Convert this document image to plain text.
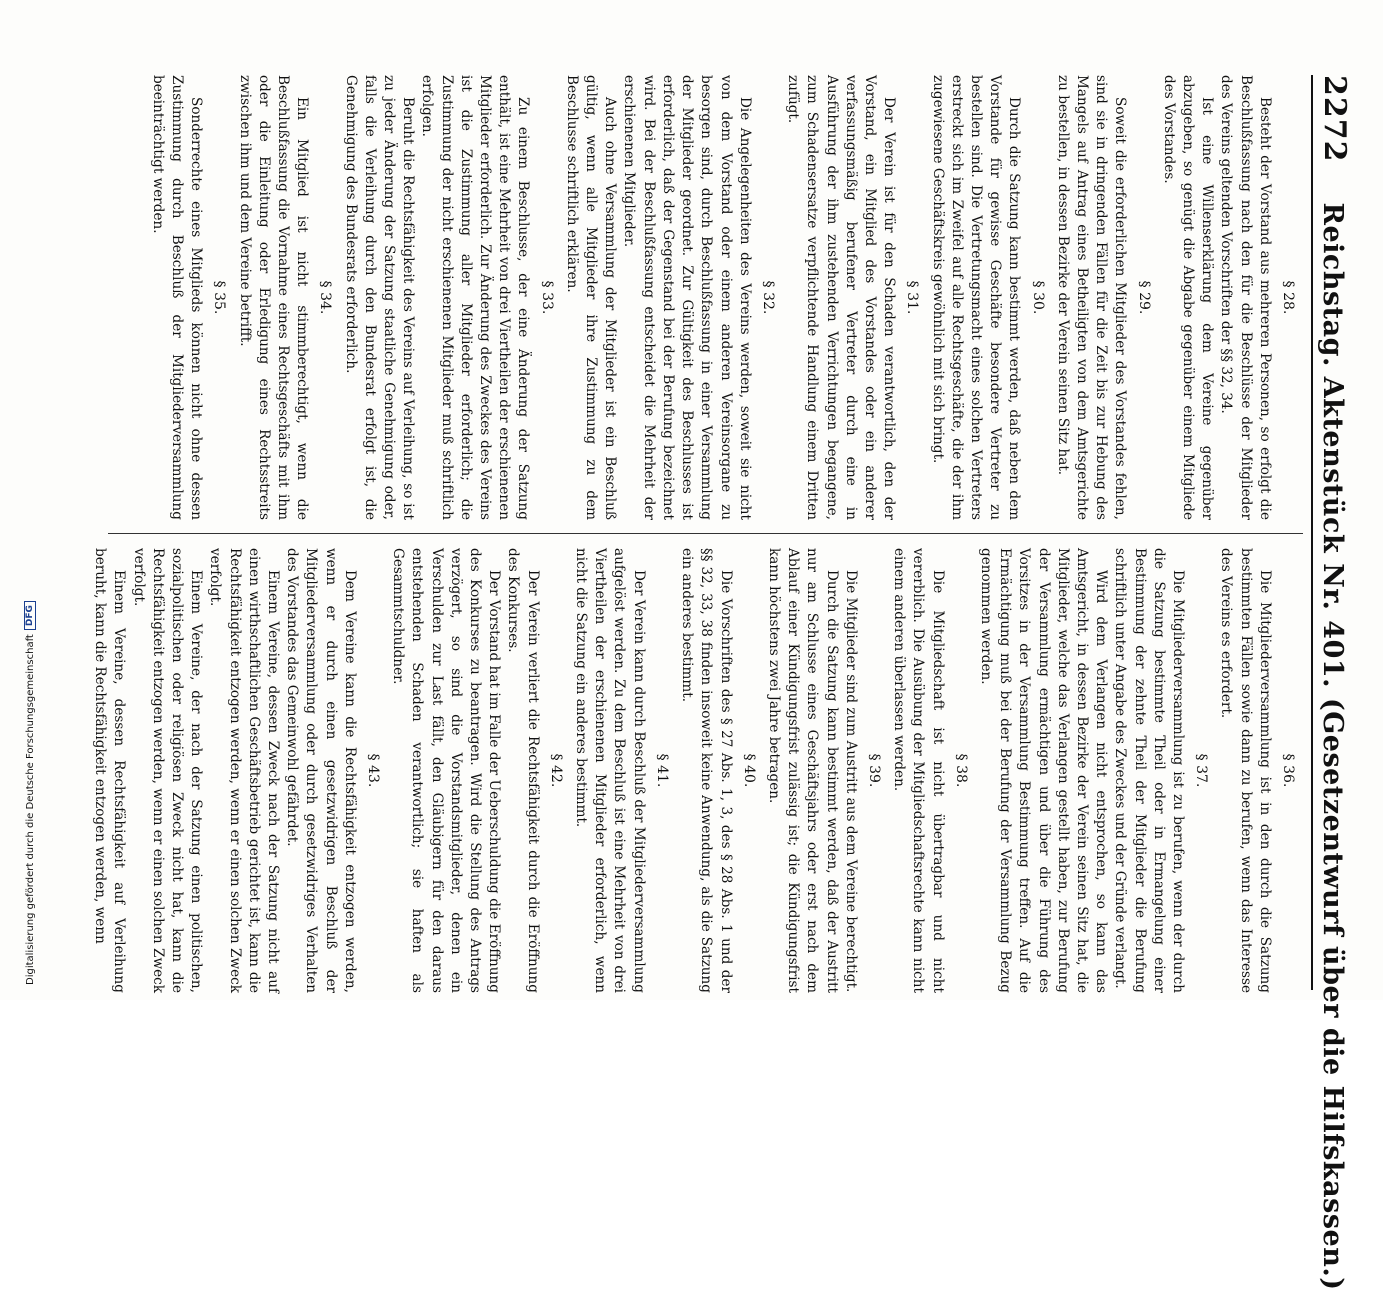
2272
Reichstag. Aktenstück Nr. 401. (Gesetzentwurf über die Hilfskassen.)
§ 28.

Besteht der Vorstand aus mehreren Personen, so erfolgt die Beschlußfassung nach den für die Beschlüsse der Mitglieder des Vereins geltenden Vorschriften der §§ 32, 34.

Ist eine Willenserklärung dem Vereine gegenüber abzugeben, so genügt die Abgabe gegenüber einem Mitgliede des Vorstandes.

§ 29.

Soweit die erforderlichen Mitglieder des Vorstandes fehlen, sind sie in dringenden Fällen für die Zeit bis zur Hebung des Mangels auf Antrag eines Betheiligten von dem Amtsgerichte zu bestellen, in dessen Bezirke der Verein seinen Sitz hat.

§ 30.

Durch die Satzung kann bestimmt werden, daß neben dem Vorstande für gewisse Geschäfte besondere Vertreter zu bestellen sind. Die Vertretungsmacht eines solchen Vertreters erstreckt sich im Zweifel auf alle Rechtsgeschäfte, die der ihm zugewiesene Geschäftskreis gewöhnlich mit sich bringt.

§ 31.

Der Verein ist für den Schaden verantwortlich, den der Vorstand, ein Mitglied des Vorstandes oder ein anderer verfassungsmäßig berufener Vertreter durch eine in Ausführung der ihm zustehenden Verrichtungen begangene, zum Schadensersatze verpflichtende Handlung einem Dritten zufügt.

§ 32.

Die Angelegenheiten des Vereins werden, soweit sie nicht von dem Vorstand oder einem anderen Vereinsorgane zu besorgen sind, durch Beschlußfassung in einer Versammlung der Mitglieder geordnet. Zur Gültigkeit des Beschlusses ist erforderlich, daß der Gegenstand bei der Berufung bezeichnet wird. Bei der Beschlußfassung entscheidet die Mehrheit der erschienenen Mitglieder.

Auch ohne Versammlung der Mitglieder ist ein Beschluß gültig, wenn alle Mitglieder ihre Zustimmung zu dem Beschlusse schriftlich erklären.

§ 33.

Zu einem Beschlusse, der eine Änderung der Satzung enthält, ist eine Mehrheit von drei Viertheilen der erschienenen Mitglieder erforderlich. Zur Änderung des Zweckes des Vereins ist die Zustimmung aller Mitglieder erforderlich; die Zustimmung der nicht erschienenen Mitglieder muß schriftlich erfolgen.

Beruht die Rechtsfähigkeit des Vereins auf Verleihung, so ist zu jeder Änderung der Satzung staatliche Genehmigung oder, falls die Verleihung durch den Bundesrat erfolgt ist, die Genehmigung des Bundesrats erforderlich.

§ 34.

Ein Mitglied ist nicht stimmberechtigt, wenn die Beschlußfassung die Vornahme eines Rechtsgeschäfts mit ihm oder die Einleitung oder Erledigung eines Rechtsstreits zwischen ihm und dem Vereine betrifft.

§ 35.

Sonderrechte eines Mitglieds können nicht ohne dessen Zustimmung durch Beschluß der Mitgliederversammlung beeinträchtigt werden.

§ 36.

Die Mitgliederversammlung ist in den durch die Satzung bestimmten Fällen sowie dann zu berufen, wenn das Interesse des Vereins es erfordert.

§ 37.

Die Mitgliederversammlung ist zu berufen, wenn der durch die Satzung bestimmte Theil oder in Ermangelung einer Bestimmung der zehnte Theil der Mitglieder die Berufung schriftlich unter Angabe des Zweckes und der Gründe verlangt.

Wird dem Verlangen nicht entsprochen, so kann das Amtsgericht, in dessen Bezirke der Verein seinen Sitz hat, die Mitglieder, welche das Verlangen gestellt haben, zur Berufung der Versammlung ermächtigen und über die Führung des Vorsitzes in der Versammlung Bestimmung treffen. Auf die Ermächtigung muß bei der Berufung der Versammlung Bezug genommen werden.

§ 38.

Die Mitgliedschaft ist nicht übertragbar und nicht vererblich. Die Ausübung der Mitgliedschaftsrechte kann nicht einem anderen überlassen werden.

§ 39.

Die Mitglieder sind zum Austritt aus dem Vereine berechtigt.

Durch die Satzung kann bestimmt werden, daß der Austritt nur am Schlusse eines Geschäftsjahrs oder erst nach dem Ablauf einer Kündigungsfrist zulässig ist; die Kündigungsfrist kann höchstens zwei Jahre betragen.

§ 40.

Die Vorschriften des § 27 Abs. 1, 3, des § 28 Abs. 1 und der §§ 32, 33, 38 finden insoweit keine Anwendung, als die Satzung ein anderes bestimmt.

§ 41.

Der Verein kann durch Beschluß der Mitgliederversammlung aufgelöst werden. Zu dem Beschluß ist eine Mehrheit von drei Viertheilen der erschienenen Mitglieder erforderlich, wenn nicht die Satzung ein anderes bestimmt.

§ 42.

Der Verein verliert die Rechtsfähigkeit durch die Eröffnung des Konkurses.

Der Vorstand hat im Falle der Ueberschuldung die Eröffnung des Konkurses zu beantragen. Wird die Stellung des Antrags verzögert, so sind die Vorstandsmitglieder, denen ein Verschulden zur Last fällt, den Gläubigern für den daraus entstehenden Schaden verantwortlich; sie haften als Gesammtschuldner.

§ 43.

Dem Vereine kann die Rechtsfähigkeit entzogen werden, wenn er durch einen gesetzwidrigen Beschluß der Mitgliederversammlung oder durch gesetzwidriges Verhalten des Vorstandes das Gemeinwohl gefährdet.

Einem Vereine, dessen Zweck nach der Satzung nicht auf einen wirthschaftlichen Geschäftsbetrieb gerichtet ist, kann die Rechtsfähigkeit entzogen werden, wenn er einen solchen Zweck verfolgt.

Einem Vereine, der nach der Satzung einen politischen, sozialpolitischen oder religiösen Zweck nicht hat, kann die Rechtsfähigkeit entzogen werden, wenn er einen solchen Zweck verfolgt.

Einem Vereine, dessen Rechtsfähigkeit auf Verleihung beruht, kann die Rechtsfähigkeit entzogen werden, wenn

Digitalisierung gefördert durch die Deutsche Forschungsgemeinschaft
DFG
